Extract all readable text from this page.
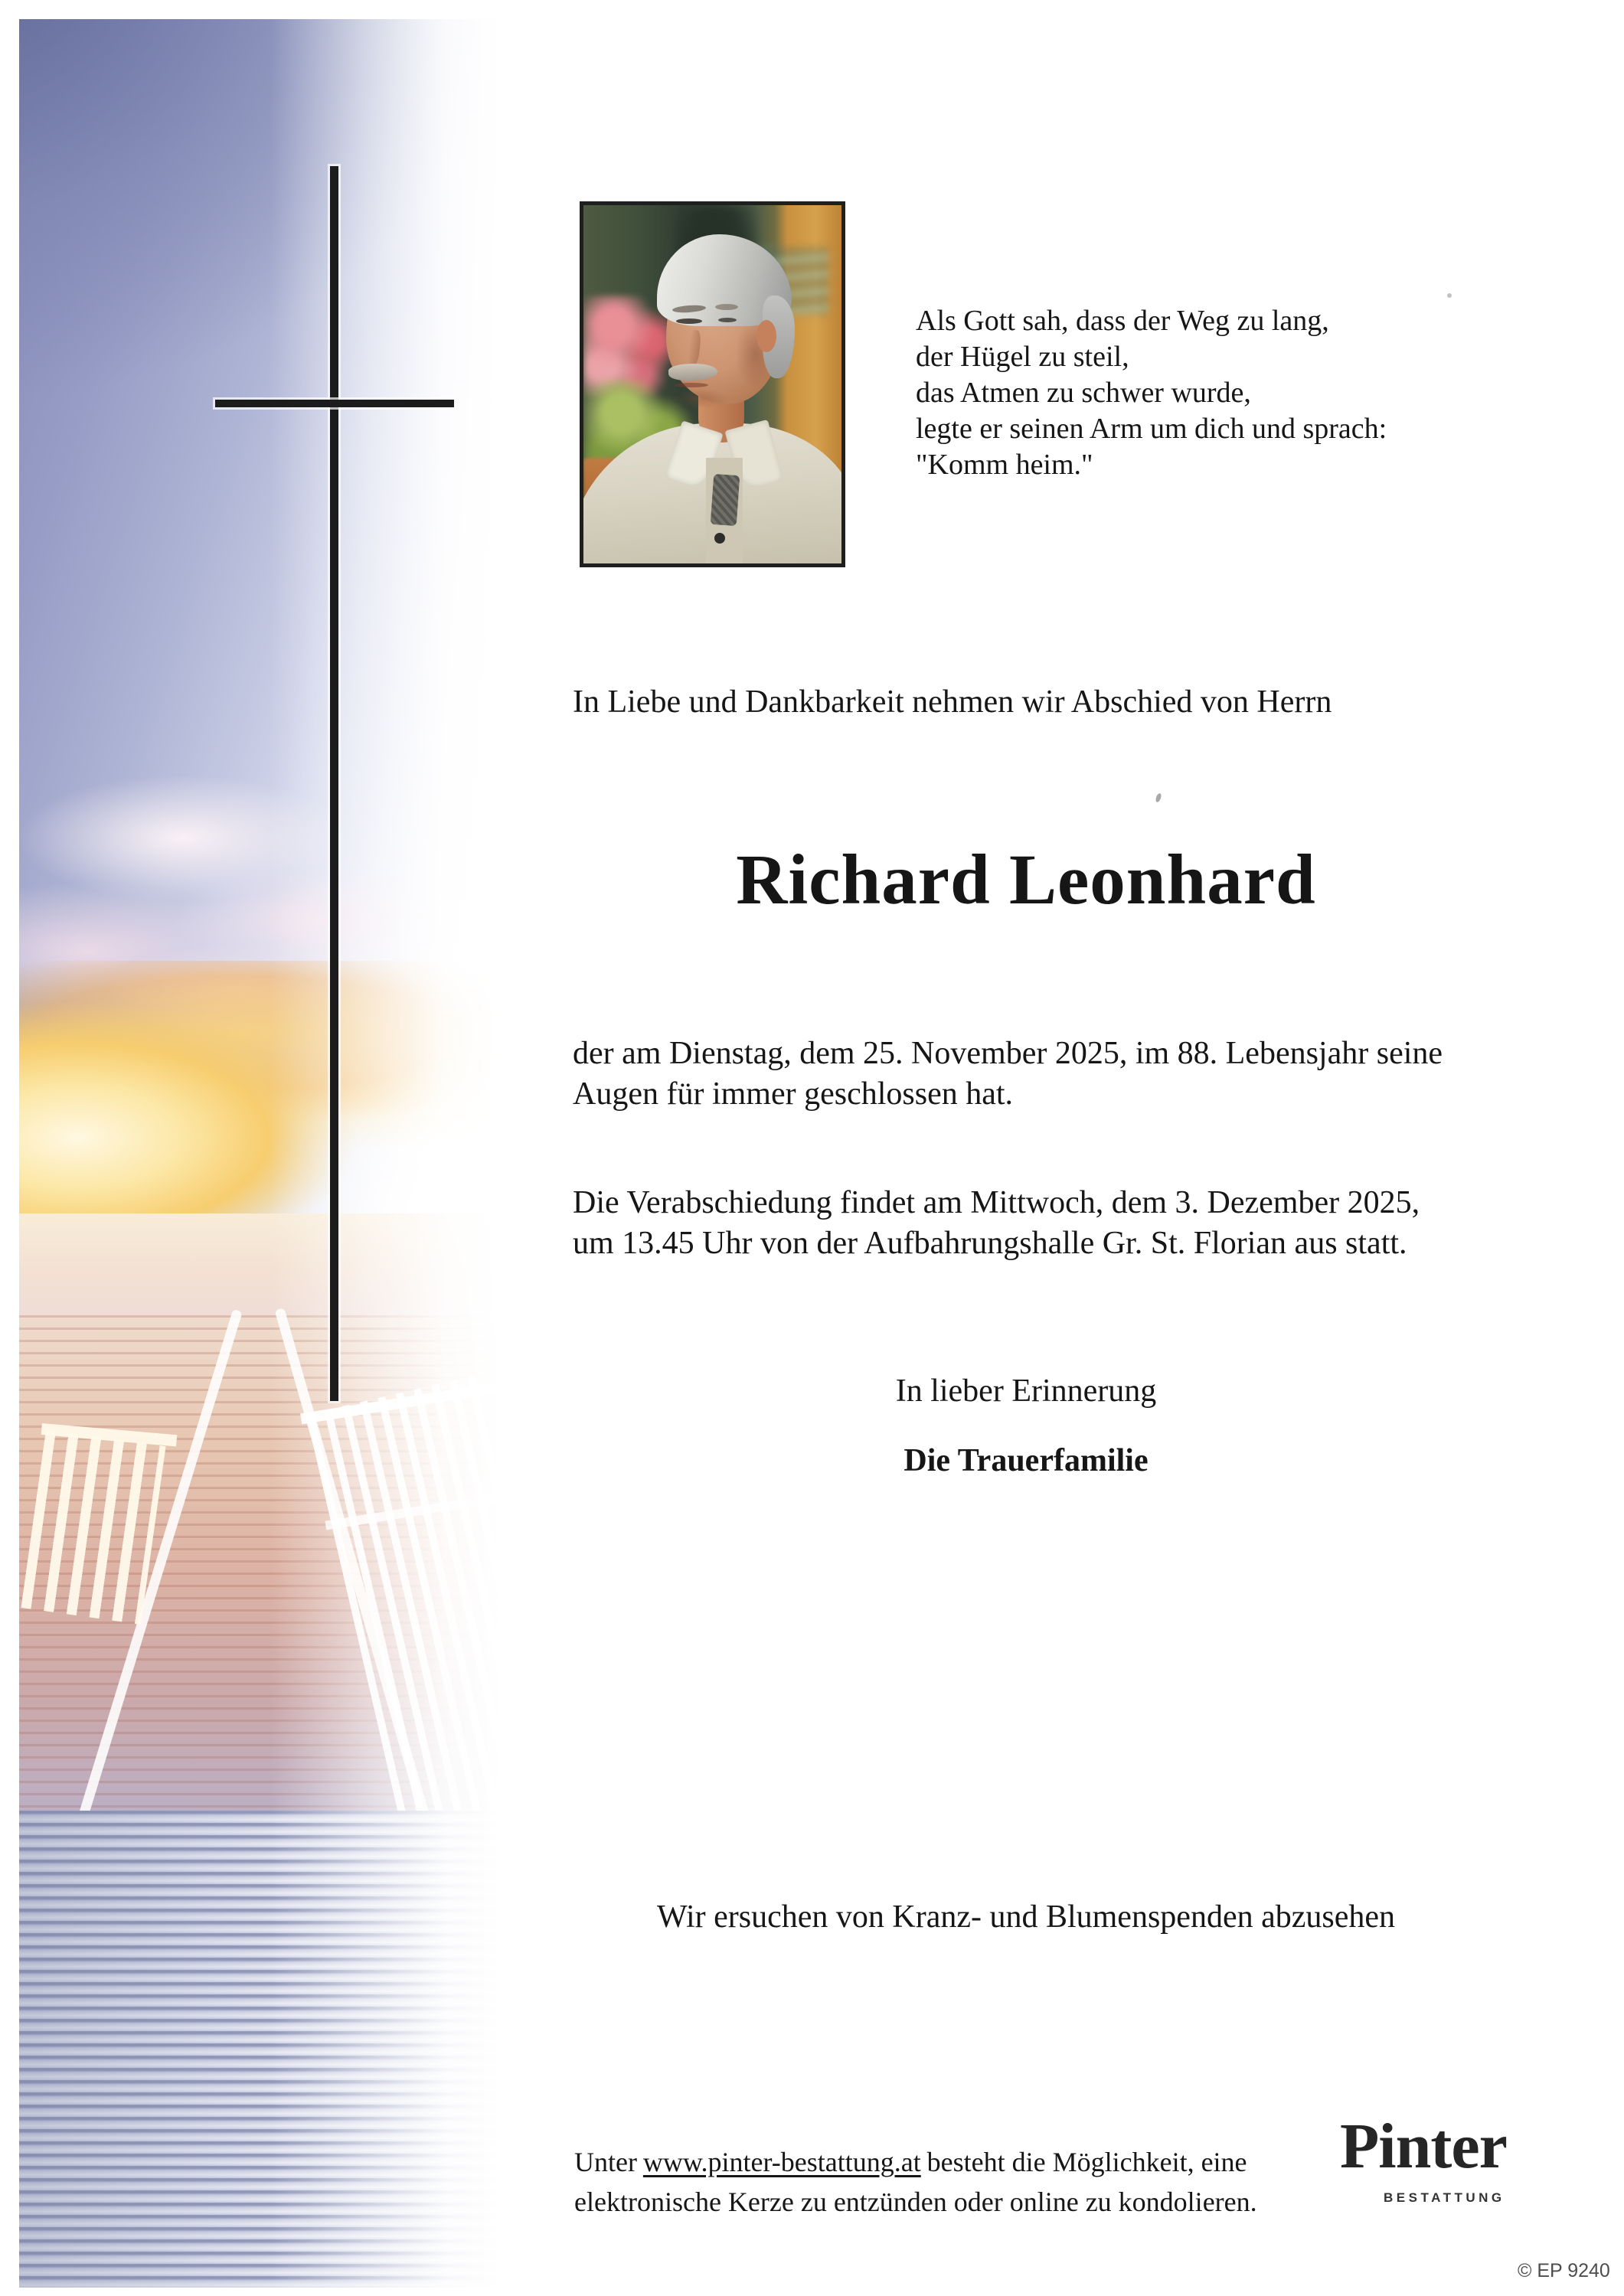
Als Gott sah, dass der Weg zu lang,
der Hügel zu steil,
das Atmen zu schwer wurde,
legte er seinen Arm um dich und sprach:
"Komm heim."
In Liebe und Dankbarkeit nehmen wir Abschied von Herrn
Richard Leonhard
der am Dienstag, dem 25. November 2025, im 88. Lebensjahr seine
Augen für immer geschlossen hat.
Die Verabschiedung findet am Mittwoch, dem 3. Dezember 2025,
um 13.45 Uhr von der Aufbahrungshalle Gr. St. Florian aus statt.
In lieber Erinnerung
Die Trauerfamilie
Wir ersuchen von Kranz- und Blumenspenden abzusehen
Unter www.pinter-bestattung.at besteht die Möglichkeit, eine
elektronische Kerze zu entzünden oder online zu kondolieren.
Pinter
BESTATTUNG
© EP 9240
